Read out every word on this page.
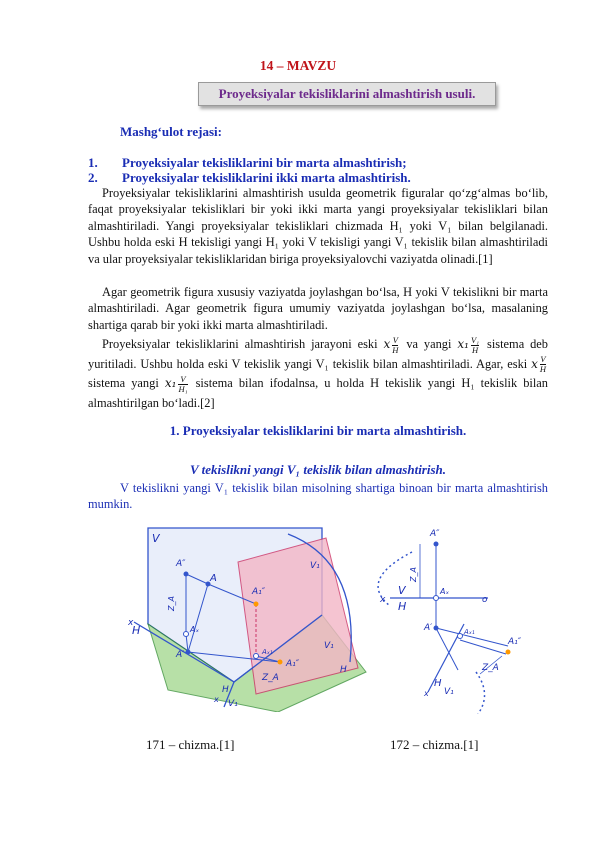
14 – MAVZU
Proyeksiyalar tekisliklarini almashtirish usuli.
Mashg‘ulot rejasi:
1. Proyeksiyalar tekisliklarini bir marta almashtirish;
2. Proyeksiyalar tekisliklarini ikki marta almashtirish.
Proyeksiyalar tekisliklarini almashtirish usulda geometrik figuralar qo‘zg‘almas bo‘lib, faqat proyeksiyalar tekisliklari bir yoki ikki marta yangi proyeksiyalar tekisliklari bilan almashtiriladi. Yangi proyeksiyalar tekisliklari chizmada H₁ yoki V₁ bilan belgilanadi. Ushbu holda eski H tekisligi yangi H₁ yoki V tekisligi yangi V₁ tekislik bilan almashtiriladi va ular proyeksiyalar tekisliklaridan biriga proyeksiyalovchi vaziyatda olinadi.[1]
Agar geometrik figura xususiy vaziyatda joylashgan bo‘lsa, H yoki V tekislikni bir marta almashtiriladi. Agar geometrik figura umumiy vaziyatda joylashgan bo‘lsa, masalaning shartiga qarab bir yoki ikki marta almashtiriladi.
Proyeksiyalar tekisliklarini almashtirish jarayoni eski x $\frac{V}{H}$ va yangi $x_1 \frac{\text{V₁}}{H}$ sistema deb yuritiladi. Ushbu holda eski V tekislik yangi V₁ tekislik bilan almashtiriladi. Agar, eski x $\frac{V}{H}$
sistema yangi $x_1 \frac{V}{\text{H₁}}$ sistema bilan ifodalnsa, u holda H tekislik yangi H₁ tekislik bilan almashtirilgan bo‘ladi.[2]
1. Proyeksiyalar tekisliklarini bir marta almashtirish.
V tekislikni yangi V₁ tekislik bilan almashtirish.
V tekislikni yangi V₁ tekislik bilan misolning shartiga binoan bir marta almashtirish mumkin.
V
H
x
A″
A
Aₓ
A′
Z_A
V₁
A₁″
Aₓ₁
Z_A
A₁″
V₁
H
x
H
V₁
A″
Z_A
x
V
H
Aₓ
o
A′	Aₓ₁
A₁″
Z_A
x
H
V₁
171 – chizma.[1]	172 – chizma.[1]
